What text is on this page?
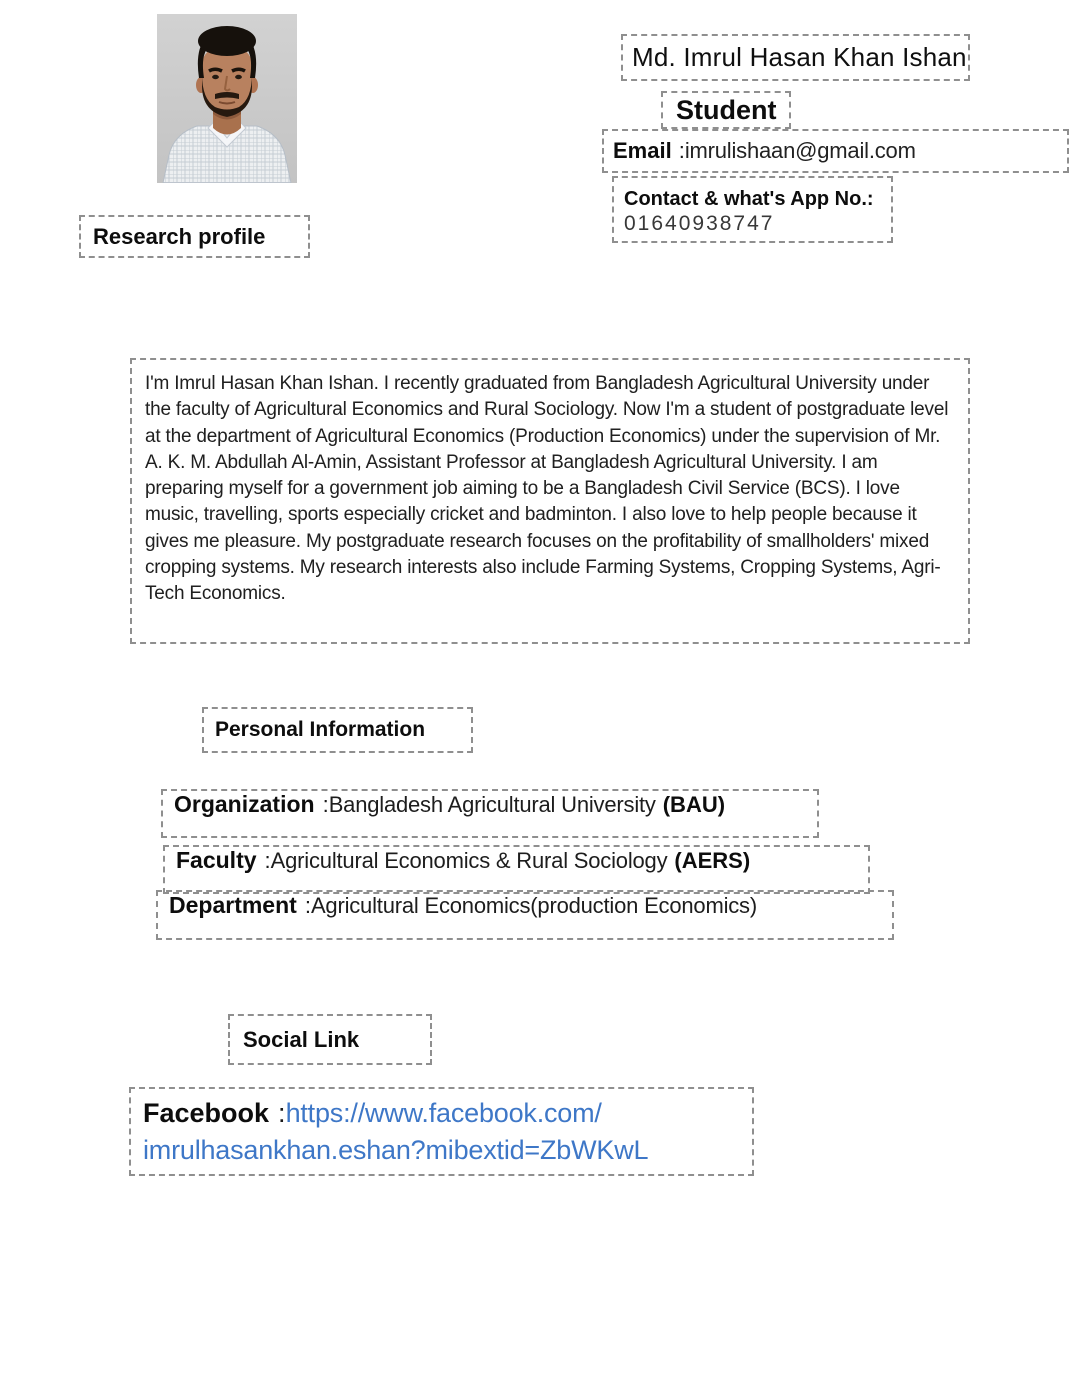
Md. Imrul Hasan Khan Ishan
Student
Email : imrulishaan@gmail.com
Contact & what's App No.:
01640938747
Research profile

I'm Imrul Hasan Khan Ishan. I recently graduated from Bangladesh Agricultural University under the faculty of Agricultural Economics and Rural Sociology. Now I'm a student of postgraduate level at the department of Agricultural Economics (Production Economics) under the supervision of Mr.  A. K. M. Abdullah Al-Amin, Assistant Professor at Bangladesh Agricultural University. I am preparing myself for a government job aiming to be a Bangladesh Civil Service (BCS). I love music, travelling, sports especially cricket and badminton. I also love to help people because it gives me pleasure. My postgraduate research focuses on the profitability of smallholders' mixed cropping systems. My research interests also include Farming Systems, Cropping Systems, Agri-Tech Economics.

Personal Information
Organization : Bangladesh Agricultural University (BAU)
Faculty : Agricultural Economics & Rural Sociology (AERS)
Department : Agricultural Economics(production Economics)
Social Link
Facebook :https://www.facebook.com/
imrulhasankhan.eshan?mibextid=ZbWKwL
